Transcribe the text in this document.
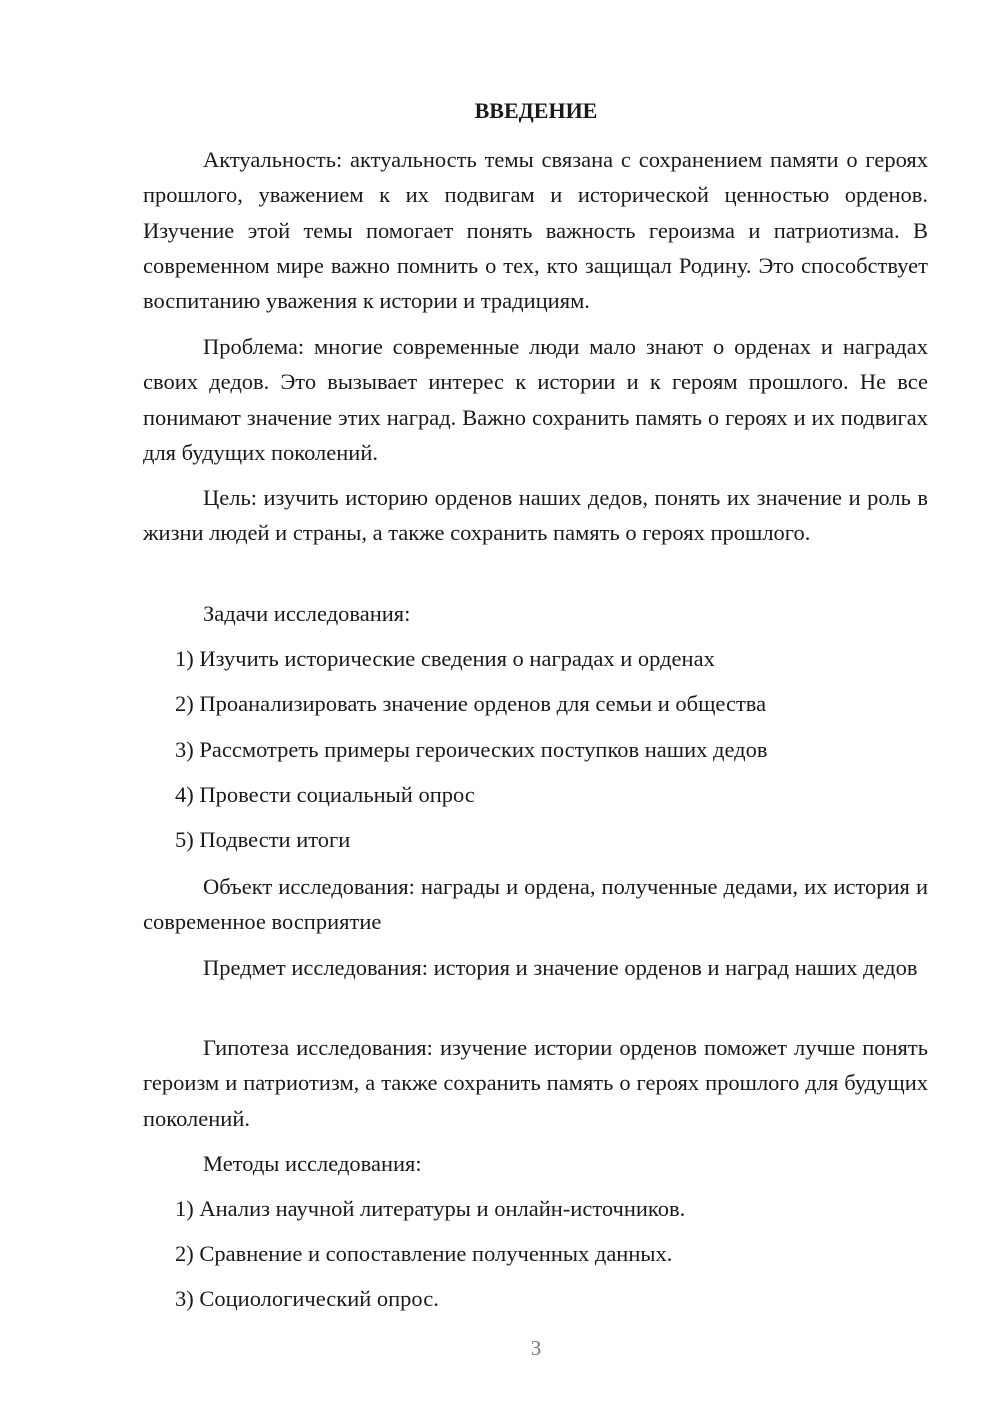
ВВЕДЕНИЕ

Актуальность: актуальность темы связана с сохранением памяти о героях прошлого, уважением к их подвигам и исторической ценностью орденов. Изучение этой темы помогает понять важность героизма и патриотизма. В современном мире важно помнить о тех, кто защищал Родину. Это способствует воспитанию уважения к истории и традициям.

Проблема: многие современные люди мало знают о орденах и наградах своих дедов. Это вызывает интерес к истории и к героям прошлого. Не все понимают значение этих наград. Важно сохранить память о героях и их подвигах для будущих поколений.

Цель: изучить историю орденов наших дедов, понять их значение и роль в жизни людей и страны, а также сохранить память о героях прошлого.

Задачи исследования:
1) Изучить исторические сведения о наградах и орденах
2) Проанализировать значение орденов для семьи и общества
3) Рассмотреть примеры героических поступков наших дедов
4) Провести социальный опрос
5) Подвести итоги

Объект исследования: награды и ордена, полученные дедами, их история и современное восприятие

Предмет исследования: история и значение орденов и наград наших дедов

Гипотеза исследования: изучение истории орденов поможет лучше понять героизм и патриотизм, а также сохранить память о героях прошлого для будущих поколений.

Методы исследования:
1) Анализ научной литературы и онлайн-источников.
2) Сравнение и сопоставление полученных данных.
3) Социологический опрос.
3
